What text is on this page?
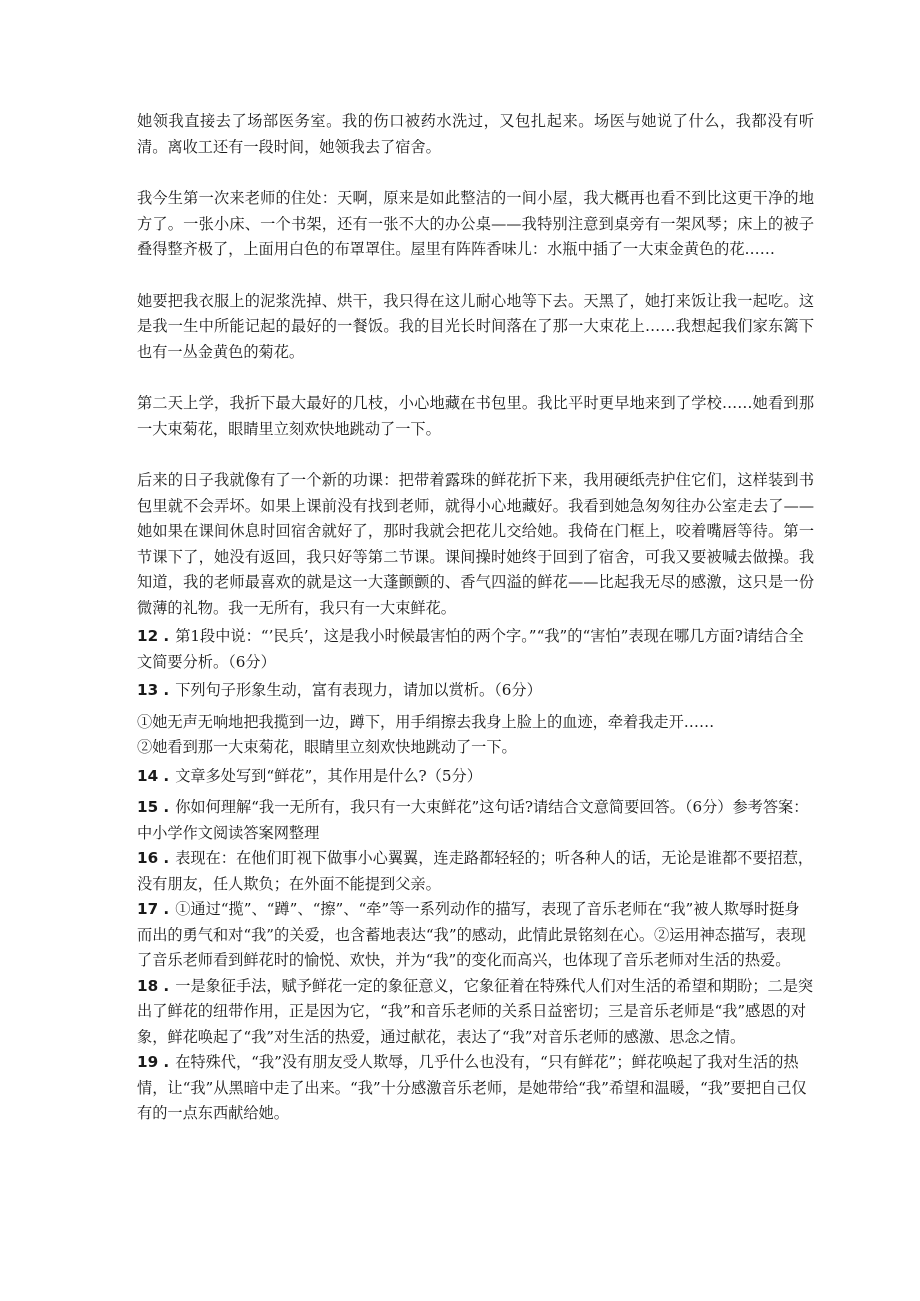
她领我直接去了场部医务室。我的伤口被药水洗过，又包扎起来。场医与她说了什么，我都没有听清。离收工还有一段时间，她领我去了宿舍。

我今生第一次来老师的住处：天啊，原来是如此整洁的一间小屋，我大概再也看不到比这更干净的地方了。一张小床、一个书架，还有一张不大的办公桌——我特别注意到桌旁有一架风琴；床上的被子叠得整齐极了，上面用白色的布罩罩住。屋里有阵阵香味儿：水瓶中插了一大束金黄色的花……

她要把我衣服上的泥浆洗掉、烘干，我只得在这儿耐心地等下去。天黑了，她打来饭让我一起吃。这是我一生中所能记起的最好的一餐饭。我的目光长时间落在了那一大束花上……我想起我们家东篱下也有一丛金黄色的菊花。

第二天上学，我折下最大最好的几枝，小心地藏在书包里。我比平时更早地来到了学校……她看到那一大束菊花，眼睛里立刻欢快地跳动了一下。

后来的日子我就像有了一个新的功课：把带着露珠的鲜花折下来，我用硬纸壳护住它们，这样装到书包里就不会弄坏。如果上课前没有找到老师，就得小心地藏好。我看到她急匆匆往办公室走去了——她如果在课间休息时回宿舍就好了，那时我就会把花儿交给她。我倚在门框上，咬着嘴唇等待。第一节课下了，她没有返回，我只好等第二节课。课间操时她终于回到了宿舍，可我又要被喊去做操。我知道，我的老师最喜欢的就是这一大蓬颤颤的、香气四溢的鲜花——比起我无尽的感激，这只是一份微薄的礼物。我一无所有，我只有一大束鲜花。

12 . 第1段中说：“’民兵’，这是我小时候最害怕的两个字。”“我”的“害怕”表现在哪几方面?请结合全文简要分析。（6分）

13 . 下列句子形象生动，富有表现力，请加以赏析。（6分）

①她无声无响地把我揽到一边，蹲下，用手绢擦去我身上脸上的血迹，牵着我走开……

②她看到那一大束菊花，眼睛里立刻欢快地跳动了一下。

14 . 文章多处写到“鲜花”，其作用是什么?（5分）

15 . 你如何理解“我一无所有，我只有一大束鲜花”这句话?请结合文意简要回答。（6分）参考答案：中小学作文阅读答案网整理

16 . 表现在：在他们盯视下做事小心翼翼，连走路都轻轻的；听各种人的话，无论是谁都不要招惹，没有朋友，任人欺负；在外面不能提到父亲。

17 . ①通过“揽”、“蹲”、“擦”、“牵”等一系列动作的描写，表现了音乐老师在“我”被人欺辱时挺身而出的勇气和对“我”的关爱，也含蓄地表达“我”的感动，此情此景铭刻在心。②运用神态描写，表现了音乐老师看到鲜花时的愉悦、欢快，并为“我”的变化而高兴，也体现了音乐老师对生活的热爱。

18 . 一是象征手法，赋予鲜花一定的象征意义，它象征着在特殊代人们对生活的希望和期盼；二是突出了鲜花的纽带作用，正是因为它，“我”和音乐老师的关系日益密切；三是音乐老师是“我”感恩的对象，鲜花唤起了“我”对生活的热爱，通过献花，表达了“我”对音乐老师的感激、思念之情。

19 . 在特殊代，“我”没有朋友受人欺辱，几乎什么也没有，“只有鲜花”；鲜花唤起了我对生活的热情，让“我”从黑暗中走了出来。“我”十分感激音乐老师，是她带给“我”希望和温暖，“我”要把自己仅有的一点东西献给她。
